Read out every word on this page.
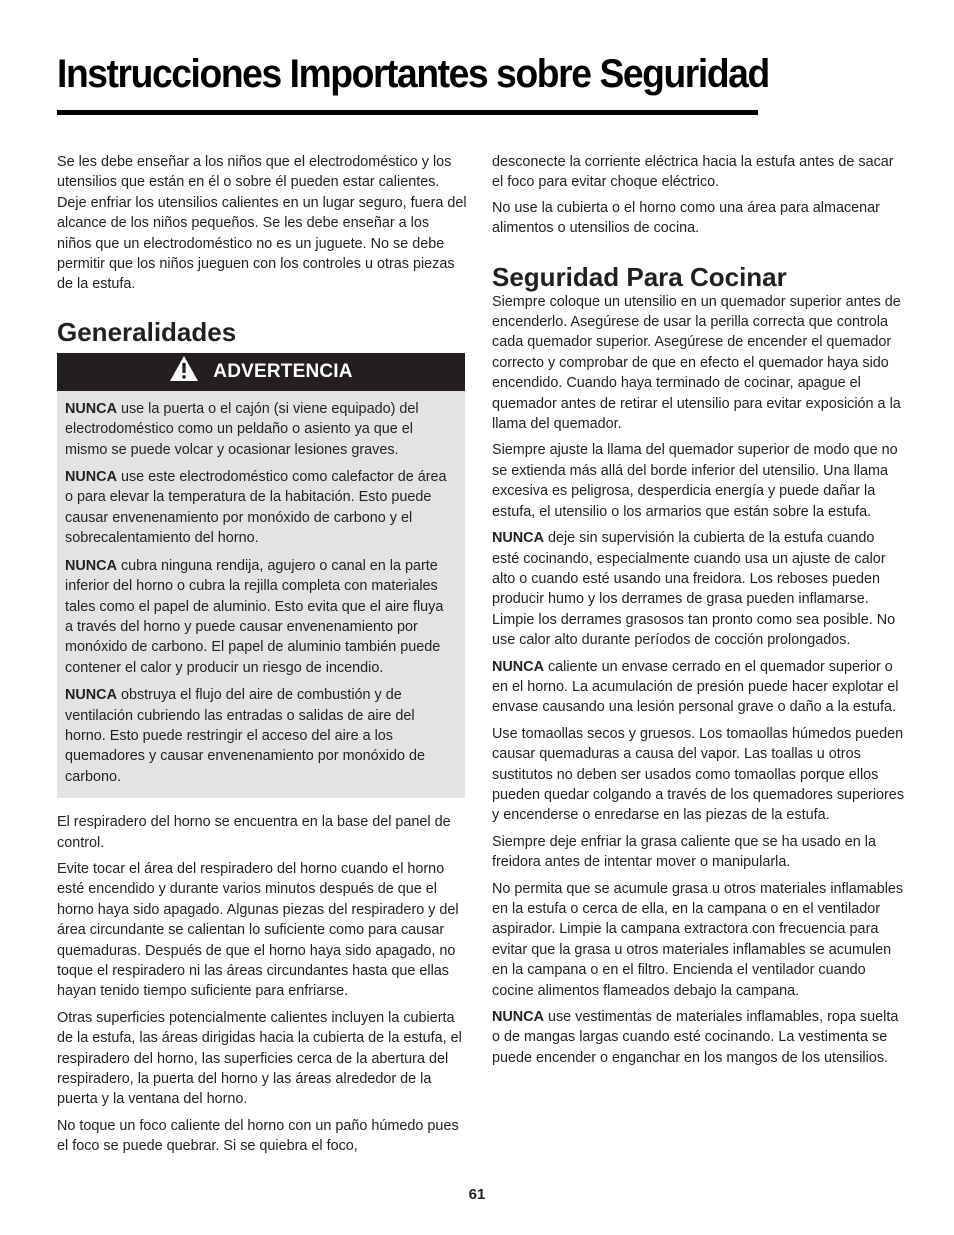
Instrucciones Importantes sobre Seguridad

Se les debe enseñar a los niños que el electrodoméstico y los utensilios que están en él o sobre él pueden estar calientes. Deje enfriar los utensilios calientes en un lugar seguro, fuera del alcance de los niños pequeños. Se les debe enseñar a los niños que un electrodoméstico no es un juguete. No se debe permitir que los niños jueguen con los controles u otras piezas de la estufa.

Generalidades
ADVERTENCIA

NUNCA use la puerta o el cajón (si viene equipado) del electrodoméstico como un peldaño o asiento ya que el mismo se puede volcar y ocasionar lesiones graves.

NUNCA use este electrodoméstico como calefactor de área o para elevar la temperatura de la habitación. Esto puede causar envenenamiento por monóxido de carbono y el sobrecalentamiento del horno.

NUNCA cubra ninguna rendija, agujero o canal en la parte inferior del horno o cubra la rejilla completa con materiales tales como el papel de aluminio. Esto evita que el aire fluya a través del horno y puede causar envenenamiento por monóxido de carbono. El papel de aluminio también puede contener el calor y producir un riesgo de incendio.

NUNCA obstruya el flujo del aire de combustión y de ventilación cubriendo las entradas o salidas de aire del horno. Esto puede restringir el acceso del aire a los quemadores y causar envenenamiento por monóxido de carbono.

El respiradero del horno se encuentra en la base del panel de control.

Evite tocar el área del respiradero del horno cuando el horno esté encendido y durante varios minutos después de que el horno haya sido apagado. Algunas piezas del respiradero y del área circundante se calientan lo suficiente como para causar quemaduras. Después de que el horno haya sido apagado, no toque el respiradero ni las áreas circundantes hasta que ellas hayan tenido tiempo suficiente para enfriarse.

Otras superficies potencialmente calientes incluyen la cubierta de la estufa, las áreas dirigidas hacia la cubierta de la estufa, el respiradero del horno, las superficies cerca de la abertura del respiradero, la puerta del horno y las áreas alrededor de la puerta y la ventana del horno.

No toque un foco caliente del horno con un paño húmedo pues el foco se puede quebrar. Si se quiebra el foco,

desconecte la corriente eléctrica hacia la estufa antes de sacar el foco para evitar choque eléctrico.

No use la cubierta o el horno como una área para almacenar alimentos o utensilios de cocina.

Seguridad Para Cocinar

Siempre coloque un utensilio en un quemador superior antes de encenderlo. Asegúrese de usar la perilla correcta que controla cada quemador superior. Asegúrese de encender el quemador correcto y comprobar de que en efecto el quemador haya sido encendido. Cuando haya terminado de cocinar, apague el quemador antes de retirar el utensilio para evitar exposición a la llama del quemador.

Siempre ajuste la llama del quemador superior de modo que no se extienda más allá del borde inferior del utensilio. Una llama excesiva es peligrosa, desperdicia energía y puede dañar la estufa, el utensilio o los armarios que están sobre la estufa.

NUNCA deje sin supervisión la cubierta de la estufa cuando esté cocinando, especialmente cuando usa un ajuste de calor alto o cuando esté usando una freidora. Los reboses pueden producir humo y los derrames de grasa pueden inflamarse. Limpie los derrames grasosos tan pronto como sea posible. No use calor alto durante períodos de cocción prolongados.

NUNCA caliente un envase cerrado en el quemador superior o en el horno. La acumulación de presión puede hacer explotar el envase causando una lesión personal grave o daño a la estufa.

Use tomaollas secos y gruesos. Los tomaollas húmedos pueden causar quemaduras a causa del vapor. Las toallas u otros sustitutos no deben ser usados como tomaollas porque ellos pueden quedar colgando a través de los quemadores superiores y encenderse o enredarse en las piezas de la estufa.

Siempre deje enfriar la grasa caliente que se ha usado en la freidora antes de intentar mover o manipularla.

No permita que se acumule grasa u otros materiales inflamables en la estufa o cerca de ella, en la campana o en el ventilador aspirador. Limpie la campana extractora con frecuencia para evitar que la grasa u otros materiales inflamables se acumulen en la campana o en el filtro. Encienda el ventilador cuando cocine alimentos flameados debajo la campana.

NUNCA use vestimentas de materiales inflamables, ropa suelta o de mangas largas cuando esté cocinando. La vestimenta se puede encender o enganchar en los mangos de los utensilios.

61
